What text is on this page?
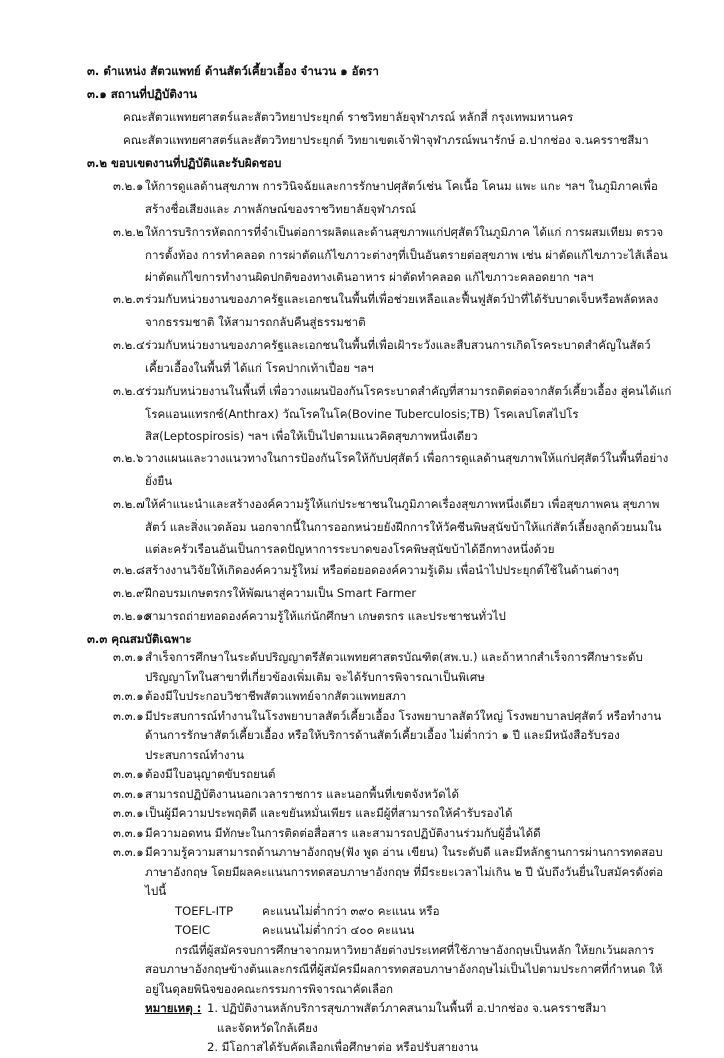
๓. ตำแหน่ง สัตวแพทย์ ด้านสัตว์เคี้ยวเอื้อง จำนวน ๑ อัตรา
๓.๑ สถานที่ปฏิบัติงาน
คณะสัตวแพทยศาสตร์และสัตววิทยาประยุกต์ ราชวิทยาลัยจุฬาภรณ์ หลักสี่ กรุงเทพมหานคร
คณะสัตวแพทยศาสตร์และสัตววิทยาประยุกต์ วิทยาเขตเจ้าฟ้าจุฬาภรณ์พนารักษ์ อ.ปากช่อง จ.นครราชสีมา
๓.๒ ขอบเขตงานที่ปฏิบัติและรับผิดชอบ
๓.๒.๑ ให้การดูแลด้านสุขภาพ การวินิจฉัยและการรักษาปศุสัตว์เช่น โคเนื้อ โคนม แพะ แกะ ฯลฯ ในภูมิภาคเพื่อสร้างชื่อเสียงและ ภาพลักษณ์ของราชวิทยาลัยจุฬาภรณ์
๓.๒.๒ ให้การบริการหัตถการที่จำเป็นต่อการผลิตและด้านสุขภาพแก่ปศุสัตว์ในภูมิภาค ได้แก่ การผสมเทียม ตรวจการตั้งท้อง การทำคลอด การผ่าตัดแก้ไขภาวะต่างๆที่เป็นอันตรายต่อสุขภาพ เช่น ผ่าตัดแก้ไขภาวะไส้เลื่อน ผ่าตัดแก้ไขการทำงานผิดปกติของทางเดินอาหาร ผ่าตัดทำคลอด แก้ไขภาวะคลอดยาก ฯลฯ
๓.๒.๓ ร่วมกับหน่วยงานของภาครัฐและเอกชนในพื้นที่เพื่อช่วยเหลือและฟื้นฟูสัตว์ป่าที่ได้รับบาดเจ็บหรือพลัดหลงจากธรรมชาติ ให้สามารถกลับคืนสู่ธรรมชาติ
๓.๒.๔ ร่วมกับหน่วยงานของภาครัฐและเอกชนในพื้นที่เพื่อเฝ้าระวังและสืบสวนการเกิดโรคระบาดสำคัญในสัตว์เคี้ยวเอื้องในพื้นที่ ได้แก่ โรคปากเท้าเปื่อย ฯลฯ
๓.๒.๕ ร่วมกับหน่วยงานในพื้นที่ เพื่อวางแผนป้องกันโรคระบาดสำคัญที่สามารถติดต่อจากสัตว์เคี้ยวเอื้อง สู่คนได้แก่ โรคแอนแทรกซ์(Anthrax) วัณโรคในโค(Bovine Tuberculosis;TB) โรคเลปโตสไปโรสิส(Leptospirosis) ฯลฯ เพื่อให้เป็นไปตามแนวคิดสุขภาพหนึ่งเดียว
๓.๒.๖ วางแผนและวางแนวทางในการป้องกันโรคให้กับปศุสัตว์ เพื่อการดูแลด้านสุขภาพให้แก่ปศุสัตว์ในพื้นที่อย่างยั่งยืน
๓.๒.๗ ให้คำแนะนำและสร้างองค์ความรู้ให้แก่ประชาชนในภูมิภาคเรื่องสุขภาพหนึ่งเดียว เพื่อสุขภาพคน สุขภาพสัตว์ และสิ่งแวดล้อม นอกจากนี้ในการออกหน่วยยังฝึกการให้วัคซีนพิษสุนัขบ้าให้แก่สัตว์เลี้ยงลูกด้วยนมในแต่ละครัวเรือนอันเป็นการลดปัญหาการระบาดของโรคพิษสุนัขบ้าได้อีกทางหนึ่งด้วย
๓.๒.๘ สร้างงานวิจัยให้เกิดองค์ความรู้ใหม่ หรือต่อยอดองค์ความรู้เดิม เพื่อนำไปประยุกต์ใช้ในด้านต่างๆ
๓.๒.๙ ฝึกอบรมเกษตรกรให้พัฒนาสู่ความเป็น Smart Farmer
๓.๒.๑๐
สามารถถ่ายทอดองค์ความรู้ให้แก่นักศึกษา เกษตรกร และประชาชนทั่วไป
๓.๓ คุณสมบัติเฉพาะ
๓.๓.๑ สำเร็จการศึกษาในระดับปริญญาตรีสัตวแพทยศาสตรบัณฑิต(สพ.บ.) และถ้าหากสำเร็จการศึกษาระดับปริญญาโทในสาขาที่เกี่ยวข้องเพิ่มเติม จะได้รับการพิจารณาเป็นพิเศษ
๓.๓.๑ ต้องมีใบประกอบวิชาชีพสัตวแพทย์จากสัตวแพทยสภา
๓.๓.๑ มีประสบการณ์ทำงานในโรงพยาบาลสัตว์เคี้ยวเอื้อง โรงพยาบาลสัตว์ใหญ่ โรงพยาบาลปศุสัตว์ หรือทำงานด้านการรักษาสัตว์เคี้ยวเอื้อง หรือให้บริการด้านสัตว์เคี้ยวเอื้อง ไม่ต่ำกว่า ๑ ปี และมีหนังสือรับรองประสบการณ์ทำงาน
๓.๓.๑ ต้องมีใบอนุญาตขับรถยนต์
๓.๓.๑ สามารถปฏิบัติงานนอกเวลาราชการ และนอกพื้นที่เขตจังหวัดได้
๓.๓.๑ เป็นผู้มีความประพฤติดี และขยันหมั่นเพียร และมีผู้ที่สามารถให้คำรับรองได้
๓.๓.๑ มีความอดทน มีทักษะในการติดต่อสื่อสาร และสามารถปฏิบัติงานร่วมกับผู้อื่นได้ดี
๓.๓.๑ มีความรู้ความสามารถด้านภาษาอังกฤษ(ฟัง พูด อ่าน เขียน) ในระดับดี และมีหลักฐานการผ่านการทดสอบภาษาอังกฤษ โดยมีผลคะแนนการทดสอบภาษาอังกฤษ ที่มีระยะเวลาไม่เกิน ๒ ปี นับถึงวันยื่นใบสมัครดังต่อไปนี้
TOEFL-ITP คะแนนไม่ต่ำกว่า ๓๙๐ คะแนน หรือ
TOEIC	คะแนนไม่ต่ำกว่า ๔๐๐ คะแนน
กรณีที่ผู้สมัครจบการศึกษาจากมหาวิทยาลัยต่างประเทศที่ใช้ภาษาอังกฤษเป็นหลัก ให้ยกเว้นผลการสอบภาษาอังกฤษข้างต้นและกรณีที่ผู้สมัครมีผลการทดสอบภาษาอังกฤษไม่เป็นไปตามประกาศที่กำหนด ให้อยู่ในดุลยพินิจของคณะกรรมการพิจารณาคัดเลือก
หมายเหตุ : 1. ปฏิบัติงานหลักบริการสุขภาพสัตว์ภาคสนามในพื้นที่ อ.ปากช่อง จ.นครราชสีมา
และจัดหวัดใกล้เคียง
2. มีโอกาสได้รับคัดเลือกเพื่อศึกษาต่อ หรือปรับสายงาน
